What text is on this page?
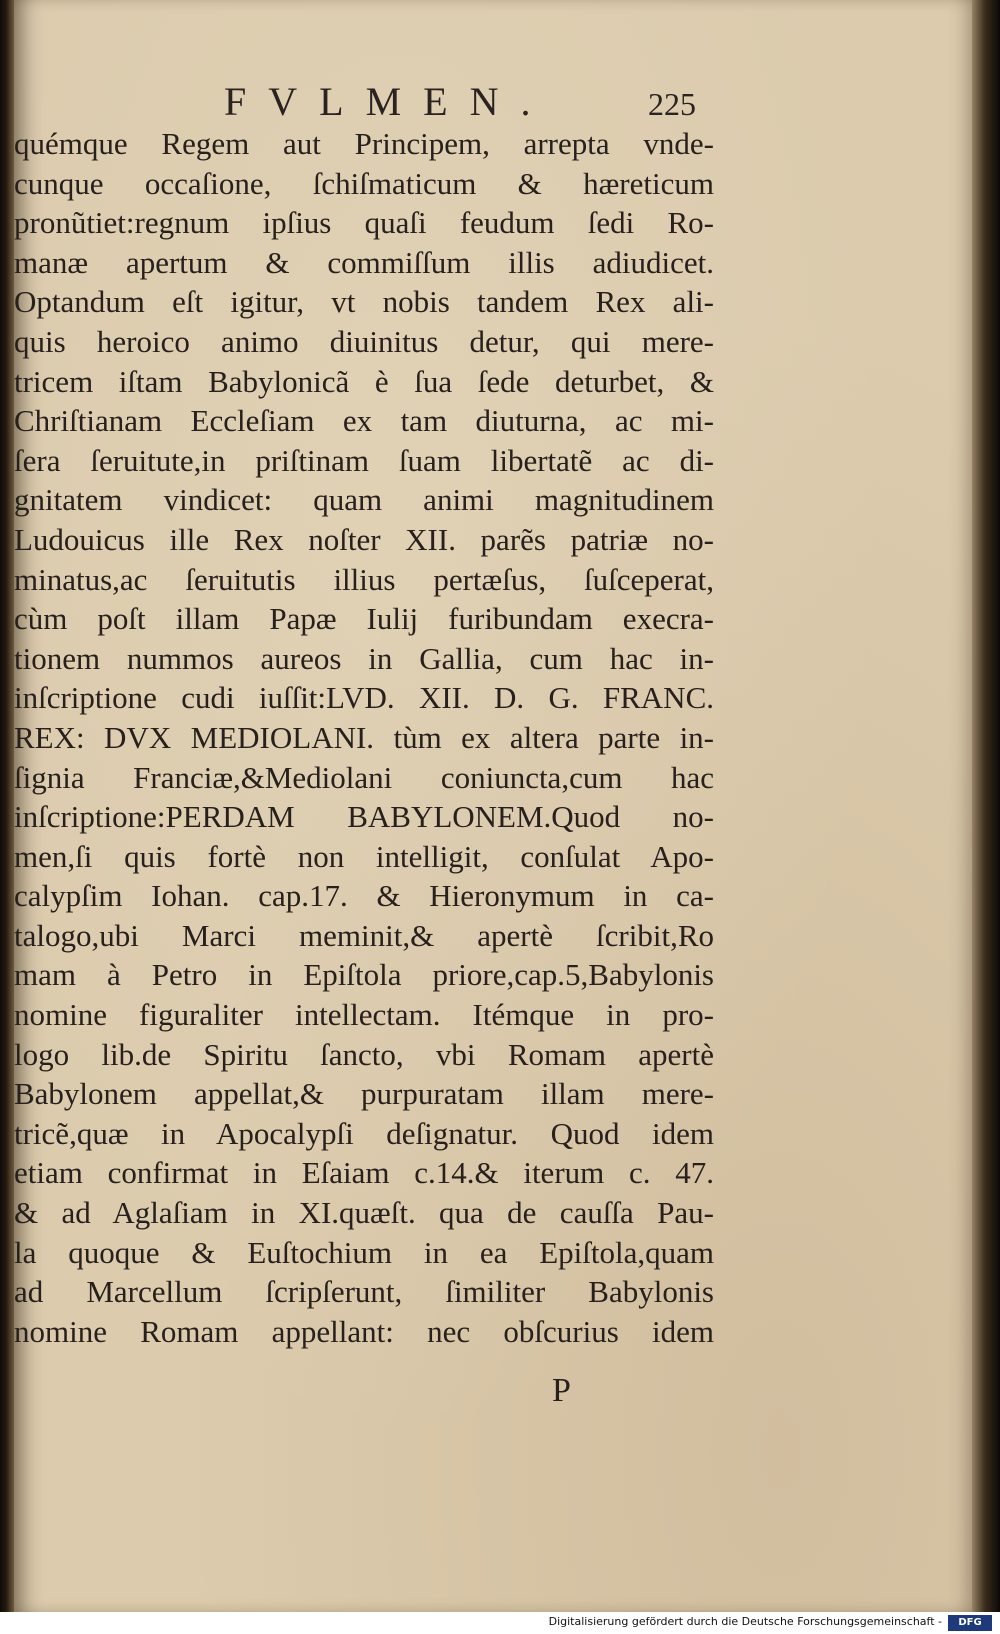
FVLMEN.	225
quémque Regem aut Principem, arrepta vnde-
cunque occaſione, ſchiſmaticum & hæreticum
pronũtiet:regnum ipſius quaſi feudum ſedi Ro-
manæ apertum & commiſſum illis adiudicet.
Optandum eſt igitur, vt nobis tandem Rex ali-
quis heroico animo diuinitus detur, qui mere-
tricem iſtam Babylonicã è ſua ſede deturbet, &
Chriſtianam Eccleſiam ex tam diuturna, ac mi-
ſera ſeruitute,in priſtinam ſuam libertatẽ ac di-
gnitatem vindicet: quam animi magnitudinem
Ludouicus ille Rex noſter XII. parẽs patriæ no-
minatus,ac ſeruitutis illius pertæſus, ſuſceperat,
cùm poſt illam Papæ Iulij furibundam execra-
tionem nummos aureos in Gallia, cum hac in-
inſcriptione cudi iuſſit:LVD. XII. D. G. FRANC.
REX: DVX MEDIOLANI. tùm ex altera parte in-
ſignia Franciæ,&Mediolani coniuncta,cum hac
inſcriptione:PERDAM BABYLONEM.Quod no-
men,ſi quis fortè non intelligit, conſulat Apo-
calypſim Iohan. cap.17. & Hieronymum in ca-
talogo,ubi Marci meminit,& apertè ſcribit,Ro
mam à Petro in Epiſtola priore,cap.5,Babylonis
nomine figuraliter intellectam. Itémque in pro-
logo lib.de Spiritu ſancto, vbi Romam apertè
Babylonem appellat,& purpuratam illam mere-
tricẽ,quæ in Apocalypſi deſignatur. Quod idem
etiam confirmat in Eſaiam c.14.& iterum c. 47.
& ad Aglaſiam in XI.quæſt. qua de cauſſa Pau-
la quoque & Euſtochium in ea Epiſtola,quam
ad Marcellum ſcripſerunt, ſimiliter Babylonis
nomine Romam appellant: nec obſcurius idem
P
Digitalisierung gefördert durch die Deutsche Forschungsgemeinschaft -	DFG
